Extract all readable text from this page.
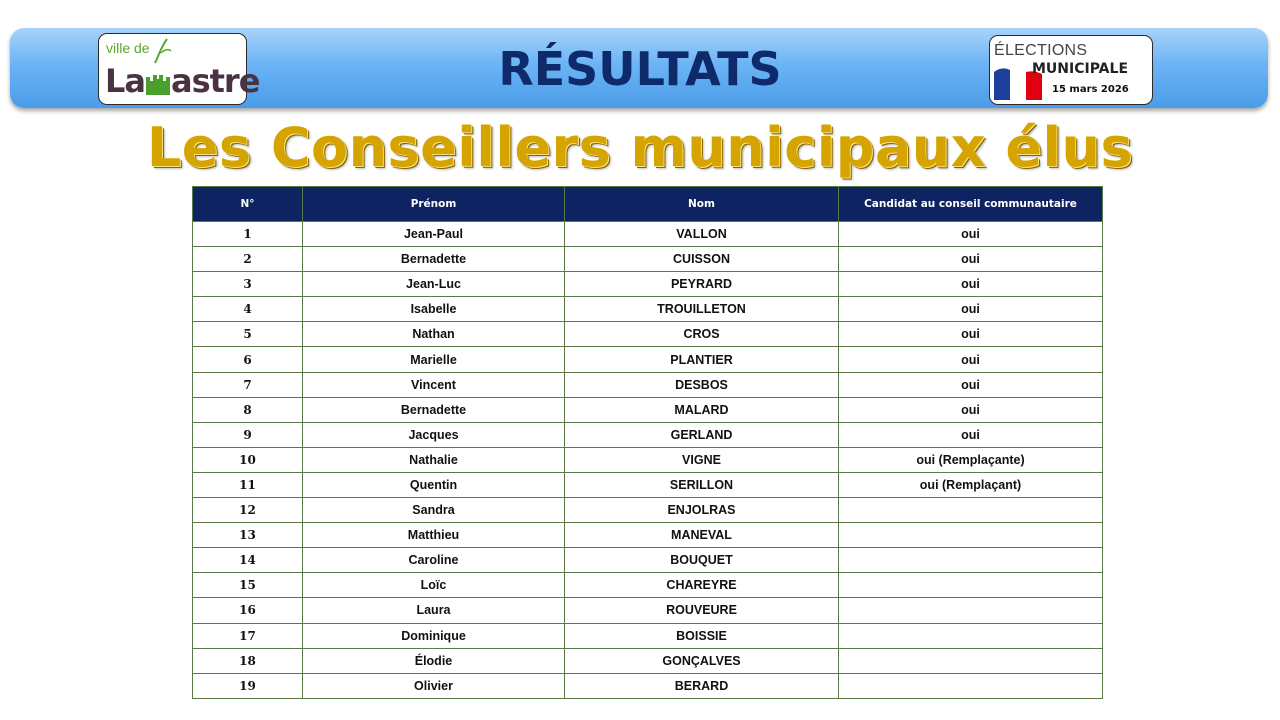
ville de
La astre	RÉSULTATS	ÉLECTIONS
MUNICIPALE
15 mars 2026
Les Conseillers municipaux élus
N°	Prénom	Nom	Candidat au conseil communautaire
1	Jean-Paul	VALLON	oui
2	Bernadette	CUISSON	oui
3	Jean-Luc	PEYRARD	oui
4	Isabelle	TROUILLETON	oui
5	Nathan	CROS	oui
6	Marielle	PLANTIER	oui
7	Vincent	DESBOS	oui
8	Bernadette	MALARD	oui
9	Jacques	GERLAND	oui
10	Nathalie	VIGNE	oui (Remplaçante)
11	Quentin	SERILLON	oui (Remplaçant)
12	Sandra	ENJOLRAS	
13	Matthieu	MANEVAL	
14	Caroline	BOUQUET	
15	Loïc	CHAREYRE	
16	Laura	ROUVEURE	
17	Dominique	BOISSIE	
18	Élodie	GONÇALVES	
19	Olivier	BERARD	
